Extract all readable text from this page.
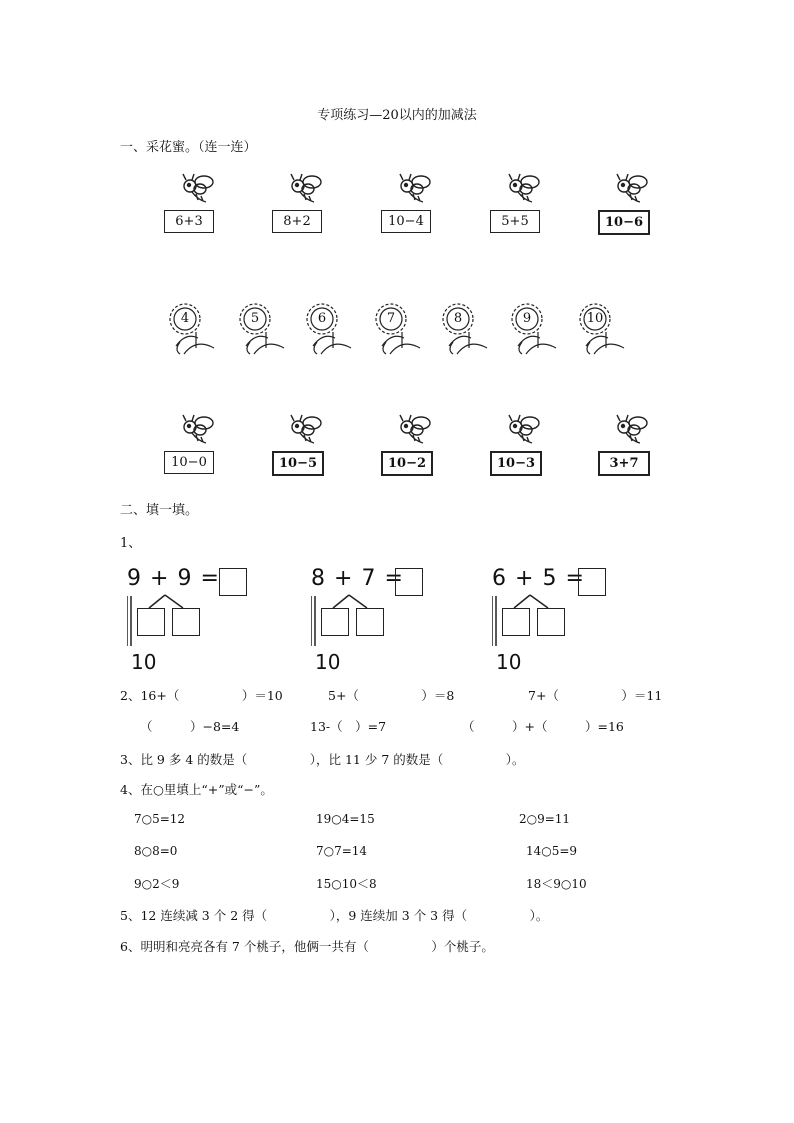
专项练习—20以内的加减法
一、采花蜜。（连一连）
6+3	8+2	10−4	5+5	10−6
4	5	6	7	8	9	10
10−0	10−5	10−2	10−3	3+7
二、填一填。
1、
9 + 9 =
10
8 + 7 =
10
6 + 5 =
10
2、16+（　　　　　）＝10	5+（　　　　　）＝8	7+（　　　　　）＝11
（　　　）−8=4	13-（　）=7	（　　　）+（　　　）=16
3、比 9 多 4 的数是（　　　　　），比 11 少 7 的数是（　　　　　）。
4、在○里填上“+”或“−”。
7○5=12	19○4=15	2○9=11
8○8=0	7○7=14	14○5=9
9○2＜9	15○10＜8	18＜9○10
5、12 连续减 3 个 2 得（　　　　　），9 连续加 3 个 3 得（　　　　　）。
6、明明和亮亮各有 7 个桃子，他俩一共有（　　　　　）个桃子。
